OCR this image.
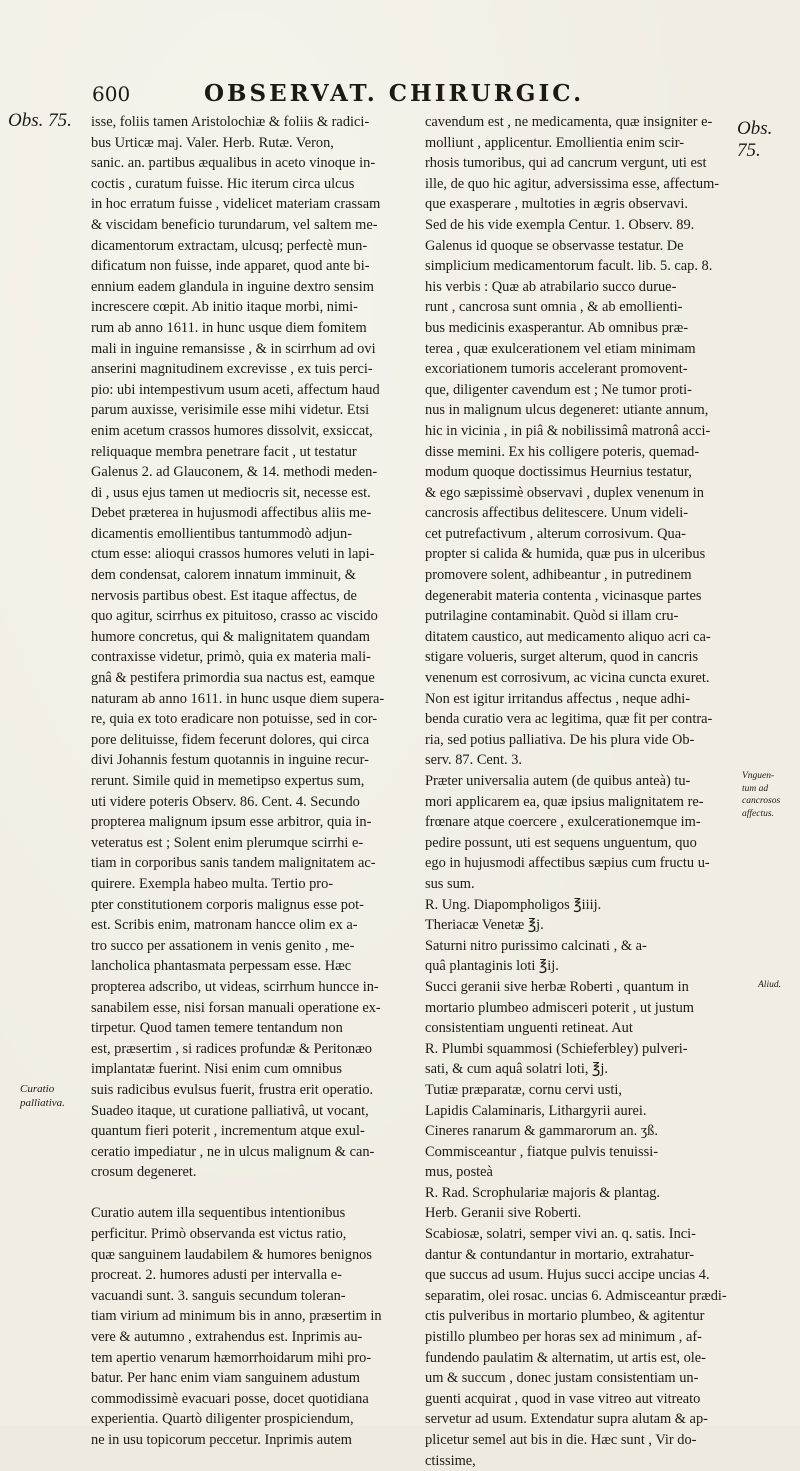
600	OBSERVAT. CHIRURGIC.
Obs. 75.	Obs. 75.
Curatio
palliativa.
Vnguen-
tum ad
cancrosos
affectus.
Aliud.
isse, foliis tamen Aristolochiæ & foliis & radici-
bus Urticæ maj. Valer. Herb. Rutæ. Veron,
sanic. an. partibus æqualibus in aceto vinoque in-
coctis , curatum fuisse. Hic iterum circa ulcus
in hoc erratum fuisse , videlicet materiam crassam
& viscidam beneficio turundarum, vel saltem me-
dicamentorum extractam, ulcusq; perfectè mun-
dificatum non fuisse, inde apparet, quod ante bi-
ennium eadem glandula in inguine dextro sensim
increscere cœpit. Ab initio itaque morbi, nimi-
rum ab anno 1611. in hunc usque diem fomitem
mali in inguine remansisse , & in scirrhum ad ovi
anserini magnitudinem excrevisse , ex tuis perci-
pio: ubi intempestivum usum aceti, affectum haud
parum auxisse, verisimile esse mihi videtur. Etsi
enim acetum crassos humores dissolvit, exsiccat,
reliquaque membra penetrare facit , ut testatur
Galenus 2. ad Glauconem, & 14. methodi meden-
di , usus ejus tamen ut mediocris sit, necesse est.
Debet præterea in hujusmodi affectibus aliis me-
dicamentis emollientibus tantummodò adjun-
ctum esse: alioqui crassos humores veluti in lapi-
dem condensat, calorem innatum imminuit, &
nervosis partibus obest. Est itaque affectus, de
quo agitur, scirrhus ex pituitoso, crasso ac viscido
humore concretus, qui & malignitatem quandam
contraxisse videtur, primò, quia ex materia mali-
gnâ & pestifera primordia sua nactus est, eamque
naturam ab anno 1611. in hunc usque diem supera-
re, quia ex toto eradicare non potuisse, sed in cor-
pore delituisse, fidem fecerunt dolores, qui circa
divi Johannis festum quotannis in inguine recur-
rerunt. Simile quid in memetipso expertus sum,
uti videre poteris Observ. 86. Cent. 4. Secundo
propterea malignum ipsum esse arbitror, quia in-
veteratus est ; Solent enim plerumque scirrhi e-
tiam in corporibus sanis tandem malignitatem ac-
quirere. Exempla habeo multa. Tertio pro-
pter constitutionem corporis malignus esse pot-
est. Scribis enim, matronam hancce olim ex a-
tro succo per assationem in venis genito , me-
lancholica phantasmata perpessam esse. Hæc
propterea adscribo, ut videas, scirrhum huncce in-
sanabilem esse, nisi forsan manuali operatione ex-
tirpetur. Quod tamen temere tentandum non
est, præsertim , si radices profundæ & Peritonæo
implantatæ fuerint. Nisi enim cum omnibus
suis radicibus evulsus fuerit, frustra erit operatio.
Suadeo itaque, ut curatione palliativâ, ut vocant,
quantum fieri poterit , incrementum atque exul-
ceratio impediatur , ne in ulcus malignum & can-
crosum degeneret.

Curatio autem illa sequentibus intentionibus
perficitur. Primò observanda est victus ratio,
quæ sanguinem laudabilem & humores benignos
procreat. 2. humores adusti per intervalla e-
vacuandi sunt. 3. sanguis secundum toleran-
tiam virium ad minimum bis in anno, præsertim in
vere & autumno , extrahendus est. Inprimis au-
tem apertio venarum hæmorrhoidarum mihi pro-
batur. Per hanc enim viam sanguinem adustum
commodissimè evacuari posse, docet quotidiana
experientia. Quartò diligenter prospiciendum,
ne in usu topicorum peccetur. Inprimis autem
cavendum est , ne medicamenta, quæ insigniter e-
molliunt , applicentur. Emollientia enim scir-
rhosis tumoribus, qui ad cancrum vergunt, uti est
ille, de quo hic agitur, adversissima esse, affectum-
que exasperare , multoties in ægris observavi.
Sed de his vide exempla Centur. 1. Observ. 89.
Galenus id quoque se observasse testatur. De
simplicium medicamentorum facult. lib. 5. cap. 8.
his verbis : Quæ ab atrabilario succo durue-
runt , cancrosa sunt omnia , & ab emollienti-
bus medicinis exasperantur. Ab omnibus præ-
terea , quæ exulcerationem vel etiam minimam
excoriationem tumoris accelerant promovent-
que, diligenter cavendum est ; Ne tumor proti-
nus in malignum ulcus degeneret: utiante annum,
hic in vicinia , in piâ & nobilissimâ matronâ acci-
disse memini. Ex his colligere poteris, quemad-
modum quoque doctissimus Heurnius testatur,
& ego sæpissimè observavi , duplex venenum in
cancrosis affectibus delitescere. Unum videli-
cet putrefactivum , alterum corrosivum. Qua-
propter si calida & humida, quæ pus in ulceribus
promovere solent, adhibeantur , in putredinem
degenerabit materia contenta , vicinasque partes
putrilagine contaminabit. Quòd si illam cru-
ditatem caustico, aut medicamento aliquo acri ca-
stigare volueris, surget alterum, quod in cancris
venenum est corrosivum, ac vicina cuncta exuret.
Non est igitur irritandus affectus , neque adhi-
benda curatio vera ac legitima, quæ fit per contra-
ria, sed potius palliativa. De his plura vide Ob-
serv. 87. Cent. 3.
Præter universalia autem (de quibus anteà) tu-
mori applicarem ea, quæ ipsius malignitatem re-
frœnare atque coercere , exulcerationemque im-
pedire possunt, uti est sequens unguentum, quo
ego in hujusmodi affectibus sæpius cum fructu u-
sus sum.
R. Ung. Diapompholigos ℥iiij.
Theriacæ Venetæ ℥j.
Saturni nitro purissimo calcinati , & a-
quâ plantaginis loti ℥ij.
Succi geranii sive herbæ Roberti , quantum in
mortario plumbeo admisceri poterit , ut justum
consistentiam unguenti retineat. Aut
R. Plumbi squammosi (Schieferbley) pulveri-
sati, & cum aquâ solatri loti, ℥j.
Tutiæ præparatæ, cornu cervi usti,
Lapidis Calaminaris, Lithargyrii aurei.
Cineres ranarum & gammarorum an. ʒß.
Commisceantur , fiatque pulvis tenuissi-
mus, posteà
R. Rad. Scrophulariæ majoris & plantag.
Herb. Geranii sive Roberti.
Scabiosæ, solatri, semper vivi an. q. satis. Inci-
dantur & contundantur in mortario, extrahatur-
que succus ad usum. Hujus succi accipe uncias 4.
separatim, olei rosac. uncias 6. Admisceantur prædi-
ctis pulveribus in mortario plumbeo, & agitentur
pistillo plumbeo per horas sex ad minimum , af-
fundendo paulatim & alternatim, ut artis est, ole-
um & succum , donec justam consistentiam un-
guenti acquirat , quod in vase vitreo aut vitreato
servetur ad usum. Extendatur supra alutam & ap-
plicetur semel aut bis in die. Hæc sunt , Vir do-
ctissime,
